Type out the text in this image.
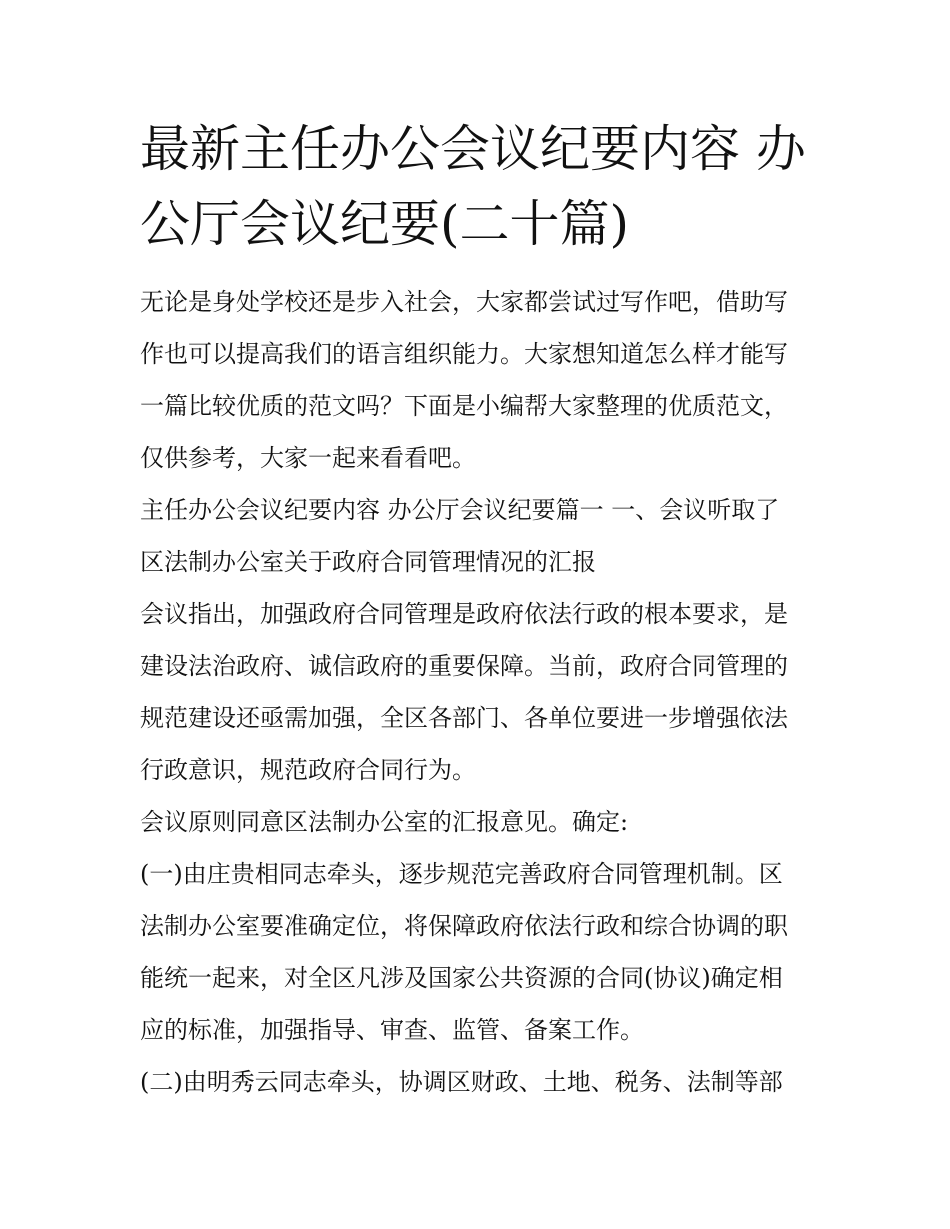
最新主任办公会议纪要内容 办
公厅会议纪要(二十篇)

无论是身处学校还是步入社会，大家都尝试过写作吧，借助写
作也可以提高我们的语言组织能力。大家想知道怎么样才能写
一篇比较优质的范文吗？下面是小编帮大家整理的优质范文，
仅供参考，大家一起来看看吧。

主任办公会议纪要内容 办公厅会议纪要篇一 一、会议听取了
区法制办公室关于政府合同管理情况的汇报

会议指出，加强政府合同管理是政府依法行政的根本要求，是
建设法治政府、诚信政府的重要保障。当前，政府合同管理的
规范建设还亟需加强，全区各部门、各单位要进一步增强依法
行政意识，规范政府合同行为。

会议原则同意区法制办公室的汇报意见。确定:

(一)由庄贵相同志牵头，逐步规范完善政府合同管理机制。区
法制办公室要准确定位，将保障政府依法行政和综合协调的职
能统一起来，对全区凡涉及国家公共资源的合同(协议)确定相
应的标准，加强指导、审查、监管、备案工作。

(二)由明秀云同志牵头，协调区财政、土地、税务、法制等部
